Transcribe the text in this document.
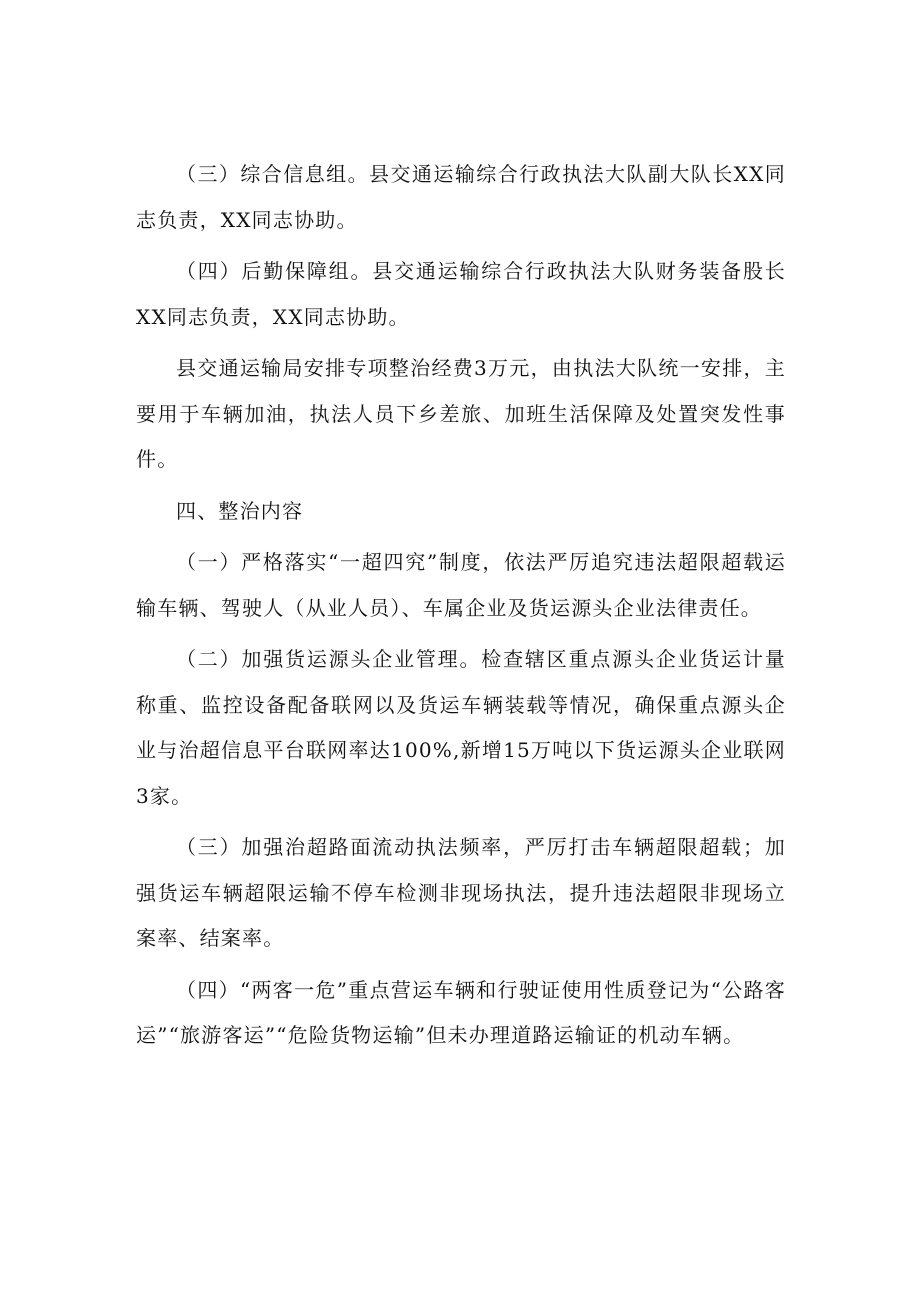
（三）综合信息组。县交通运输综合行政执法大队副大队长XX同志负责，XX同志协助。

（四）后勤保障组。县交通运输综合行政执法大队财务装备股长XX同志负责，XX同志协助。

县交通运输局安排专项整治经费3万元，由执法大队统一安排，主要用于车辆加油，执法人员下乡差旅、加班生活保障及处置突发性事件。

四、整治内容

（一）严格落实“一超四究”制度，依法严厉追究违法超限超载运输车辆、驾驶人（从业人员）、车属企业及货运源头企业法律责任。

（二）加强货运源头企业管理。检查辖区重点源头企业货运计量称重、监控设备配备联网以及货运车辆装载等情况，确保重点源头企业与治超信息平台联网率达100%,新增15万吨以下货运源头企业联网3家。

（三）加强治超路面流动执法频率，严厉打击车辆超限超载；加强货运车辆超限运输不停车检测非现场执法，提升违法超限非现场立案率、结案率。

（四）“两客一危”重点营运车辆和行驶证使用性质登记为“公路客运”“旅游客运”“危险货物运输”但未办理道路运输证的机动车辆。
